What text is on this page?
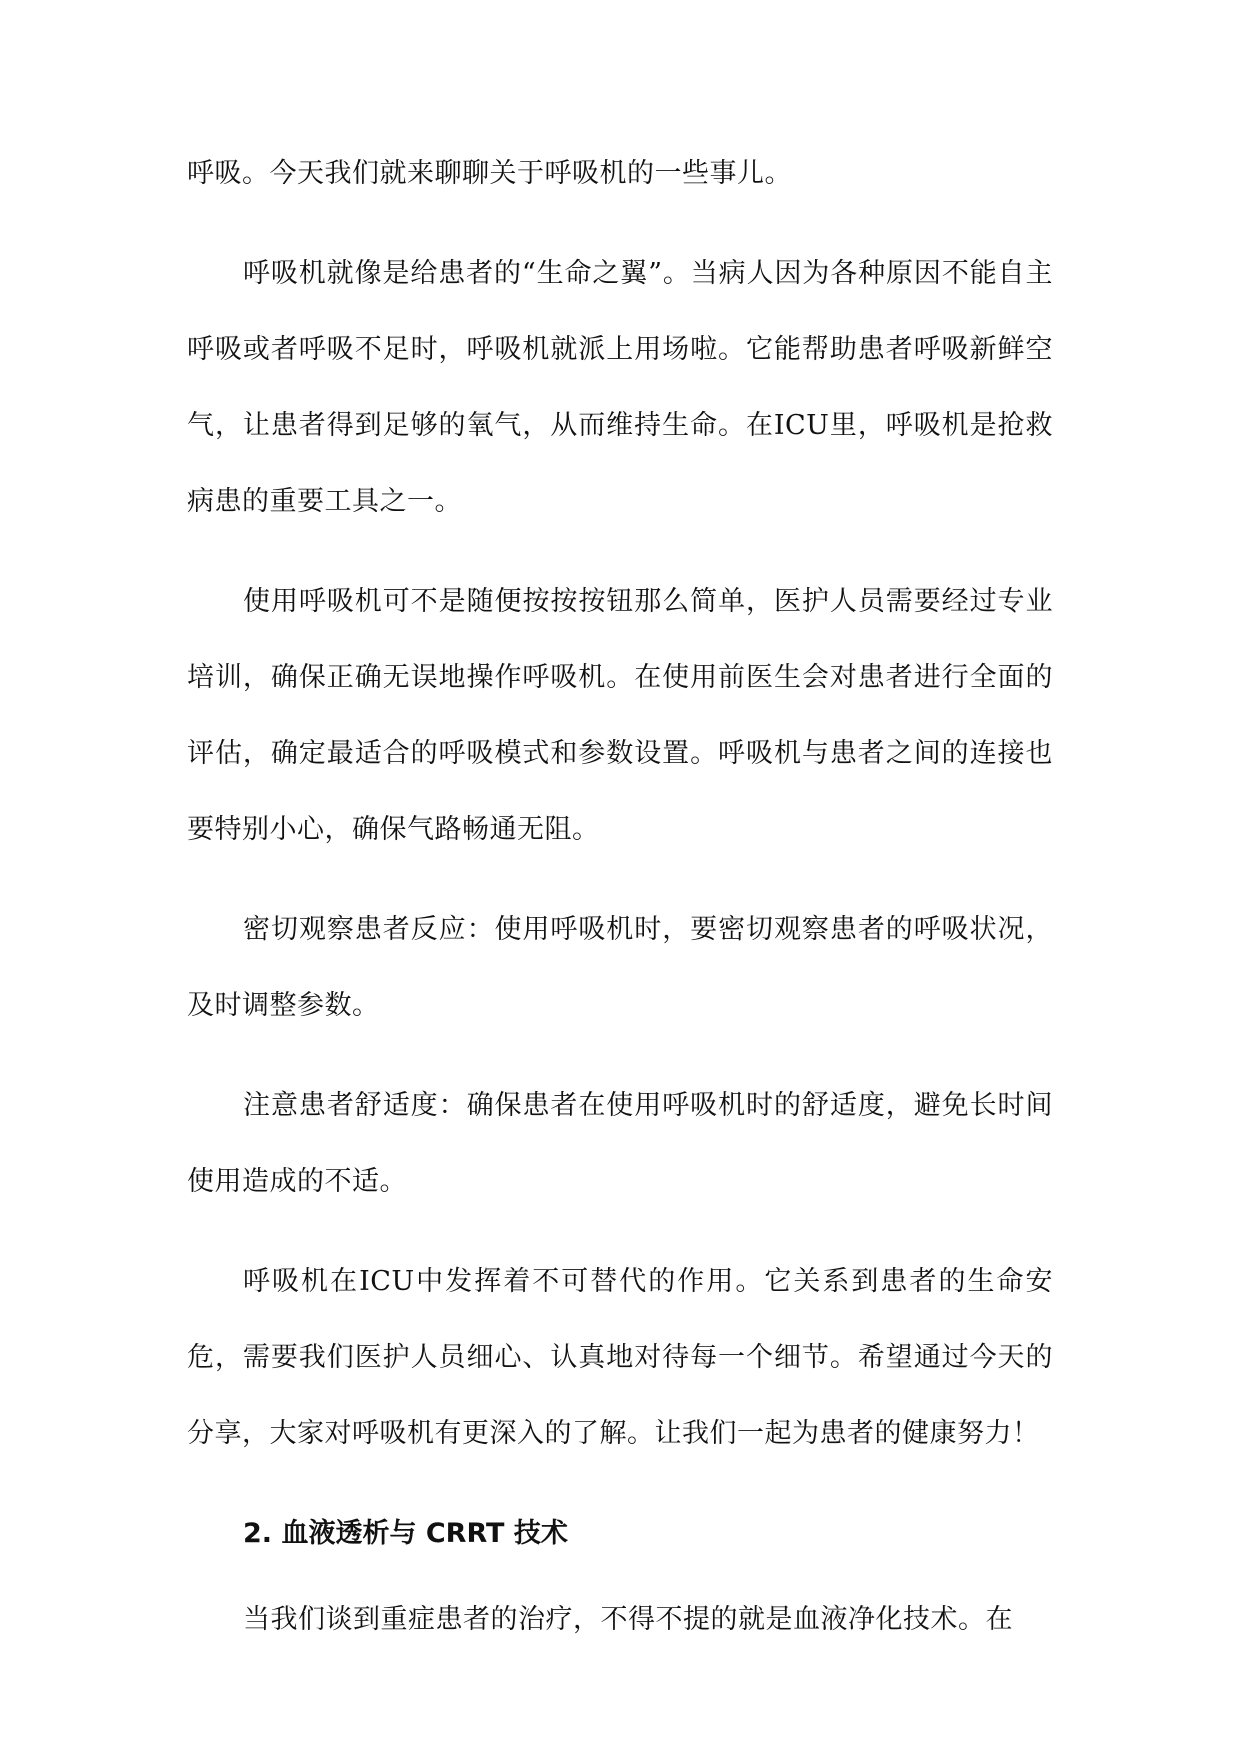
呼吸。今天我们就来聊聊关于呼吸机的一些事儿。

呼吸机就像是给患者的“生命之翼”。当病人因为各种原因不能自主呼吸或者呼吸不足时，呼吸机就派上用场啦。它能帮助患者呼吸新鲜空气，让患者得到足够的氧气，从而维持生命。在ICU里，呼吸机是抢救病患的重要工具之一。

使用呼吸机可不是随便按按按钮那么简单，医护人员需要经过专业培训，确保正确无误地操作呼吸机。在使用前医生会对患者进行全面的评估，确定最适合的呼吸模式和参数设置。呼吸机与患者之间的连接也要特别小心，确保气路畅通无阻。

密切观察患者反应：使用呼吸机时，要密切观察患者的呼吸状况，及时调整参数。

注意患者舒适度：确保患者在使用呼吸机时的舒适度，避免长时间使用造成的不适。

呼吸机在ICU中发挥着不可替代的作用。它关系到患者的生命安危，需要我们医护人员细心、认真地对待每一个细节。希望通过今天的分享，大家对呼吸机有更深入的了解。让我们一起为患者的健康努力！

2. 血液透析与 CRRT 技术

当我们谈到重症患者的治疗，不得不提的就是血液净化技术。在
